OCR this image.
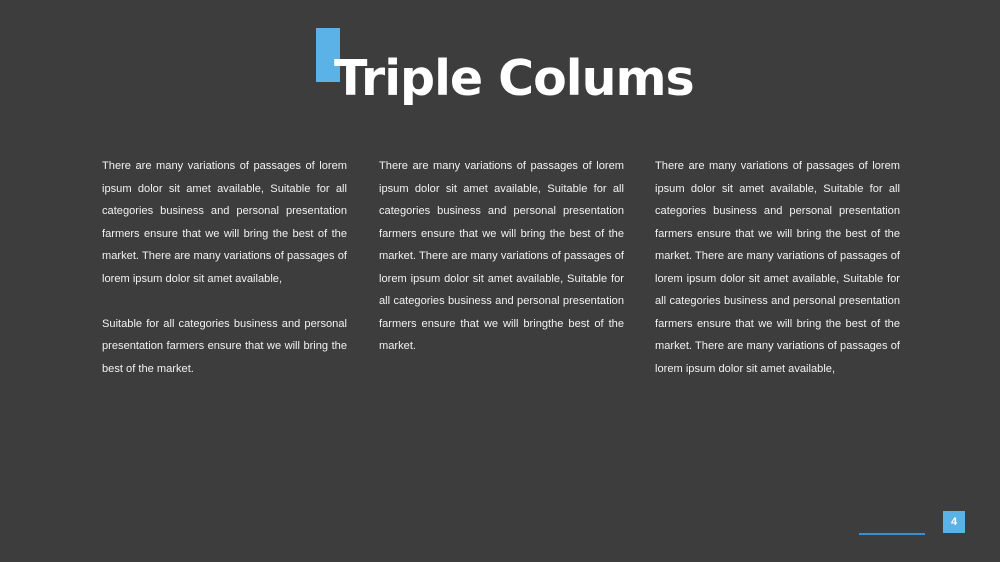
Triple Colums

There are many variations of passages of lorem ipsum dolor sit amet available, Suitable for all categories business and personal presentation farmers ensure that we will bring the best of the market. There are many variations of passages of lorem ipsum dolor sit amet available,

Suitable for all categories business and personal presentation farmers ensure that we will bring the best of the market.

There are many variations of passages of lorem ipsum dolor sit amet available, Suitable for all categories business and personal presentation farmers ensure that we will bring the best of the market. There are many variations of passages of lorem ipsum dolor sit amet available, Suitable for all categories business and personal presentation farmers ensure that we will bringthe best of the market.

There are many variations of passages of lorem ipsum dolor sit amet available, Suitable for all categories business and personal presentation farmers ensure that we will bring the best of the market. There are many variations of passages of lorem ipsum dolor sit amet available, Suitable for all categories business and personal presentation farmers ensure that we will bring the best of the market. There are many variations of passages of lorem ipsum dolor sit amet available,

4
